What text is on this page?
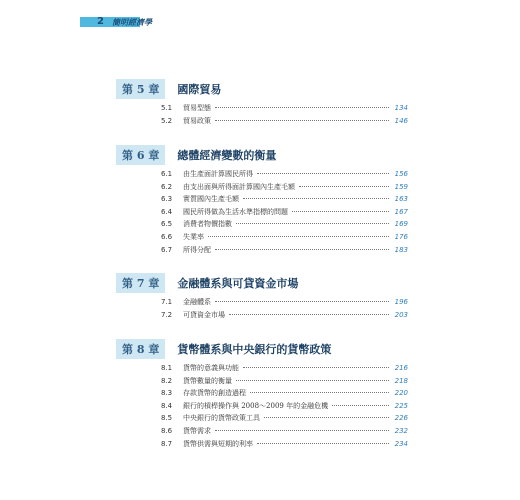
2 簡明經濟學
第 5 章	國際貿易
5.1	貿易型態	134
5.2	貿易政策	146
第 6 章	總體經濟變數的衡量
6.1	由生產面計算國民所得	156
6.2	由支出面與所得面計算國內生產毛額	159
6.3	實質國內生產毛額	163
6.4	國民所得做為生活水準指標的問題	167
6.5	消費者物價指數	169
6.6	失業率	176
6.7	所得分配	183
第 7 章	金融體系與可貸資金市場
7.1	金融體系	196
7.2	可貸資金市場	203
第 8 章	貨幣體系與中央銀行的貨幣政策
8.1	貨幣的意義與功能	216
8.2	貨幣數量的衡量	218
8.3	存款貨幣的創造過程	220
8.4	銀行的槓桿操作與 2008～2009 年的金融危機	225
8.5	中央銀行的貨幣政策工具	226
8.6	貨幣需求	232
8.7	貨幣供需與短期的利率	234
